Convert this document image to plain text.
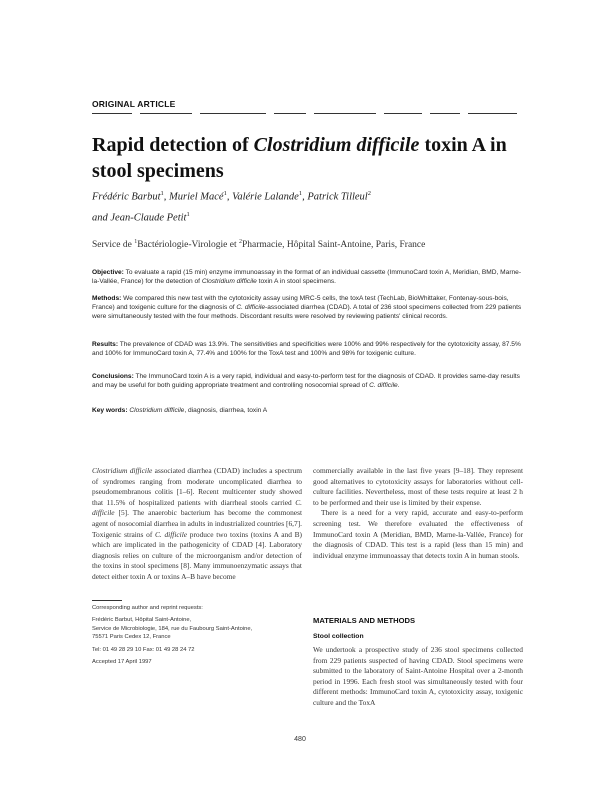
ORIGINAL ARTICLE
Rapid detection of Clostridium difficile toxin A in stool specimens
Frédéric Barbut$^1$, Muriel Macé$^1$, Valérie Lalande$^1$, Patrick Tilleul$^2$
and Jean-Claude Petit$^1$
Service de $^1$Bactériologie-Virologie et $^2$Pharmacie, Hôpital Saint-Antoine, Paris, France
Objective: To evaluate a rapid (15 min) enzyme immunoassay in the format of an individual cassette (ImmunoCard toxin A, Meridian, BMD, Marne-la-Vallée, France) for the detection of Clostridium difficile toxin A in stool specimens.
Methods: We compared this new test with the cytotoxicity assay using MRC-5 cells, the toxA test (TechLab, BioWhittaker, Fontenay-sous-bois, France) and toxigenic culture for the diagnosis of C. difficile-associated diarrhea (CDAD). A total of 236 stool specimens collected from 229 patients were simultaneously tested with the four methods. Discordant results were resolved by reviewing patients' clinical records.
Results: The prevalence of CDAD was 13.9%. The sensitivities and specificities were 100% and 99% respectively for the cytotoxicity assay, 87.5% and 100% for ImmunoCard toxin A, 77.4% and 100% for the ToxA test and 100% and 98% for toxigenic culture.
Conclusions: The ImmunoCard toxin A is a very rapid, individual and easy-to-perform test for the diagnosis of CDAD. It provides same-day results and may be useful for both guiding appropriate treatment and controlling nosocomial spread of C. difficile.
Key words: Clostridium difficile, diagnosis, diarrhea, toxin A

Clostridium difficile associated diarrhea (CDAD) includes a spectrum of syndromes ranging from moderate uncomplicated diarrhea to pseudomembranous colitis [1–6]. Recent multicenter study showed that 11.5% of hospitalized patients with diarrheal stools carried C. difficile [5]. The anaerobic bacterium has become the commonest agent of nosocomial diarrhea in adults in industrialized countries [6,7]. Toxigenic strains of C. difficile produce two toxins (toxins A and B) which are implicated in the pathogenicity of CDAD [4]. Laboratory diagnosis relies on culture of the microorganism and/or detection of the toxins in stool specimens [8]. Many immunoenzymatic assays that detect either toxin A or toxins A–B have become

Corresponding author and reprint requests:
Frédéric Barbut, Hôpital Saint-Antoine,
Service de Microbiologie, 184, rue du Faubourg Saint-Antoine,
75571 Paris Cedex 12, France
Tel: 01 49 28 29 10 Fax: 01 49 28 24 72
Accepted 17 April 1997

commercially available in the last five years [9–18]. They represent good alternatives to cytotoxicity assays for laboratories without cell-culture facilities. Nevertheless, most of these tests require at least 2 h to be performed and their use is limited by their expense.

There is a need for a very rapid, accurate and easy-to-perform screening test. We therefore evaluated the effectiveness of ImmunoCard toxin A (Meridian, BMD, Marne-la-Vallée, France) for the diagnosis of CDAD. This test is a rapid (less than 15 min) and individual enzyme immunoassay that detects toxin A in human stools.

MATERIALS AND METHODS
Stool collection

We undertook a prospective study of 236 stool specimens collected from 229 patients suspected of having CDAD. Stool specimens were submitted to the laboratory of Saint-Antoine Hospital over a 2-month period in 1996. Each fresh stool was simultaneously tested with four different methods: ImmunoCard toxin A, cytotoxicity assay, toxigenic culture and the ToxA

480
